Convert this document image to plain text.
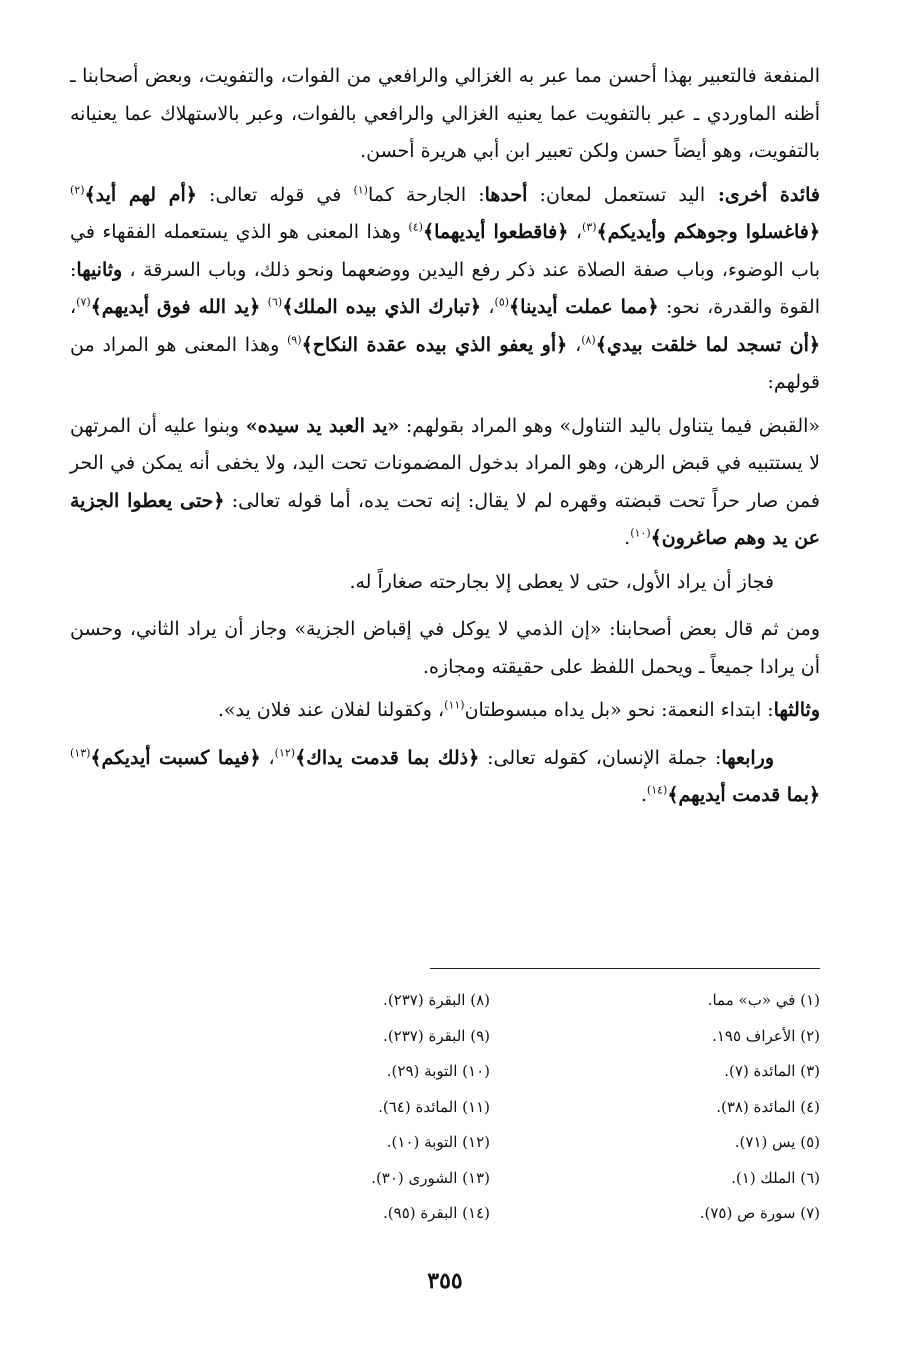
المنفعة فالتعبير بهذا أحسن مما عبر به الغزالي والرافعي من الفوات، والتفويت، وبعض أصحابنا ـ أظنه الماوردي ـ عبر بالتفويت عما يعنيه الغزالي والرافعي بالفوات، وعبر بالاستهلاك عما يعنيانه بالتفويت، وهو أيضاً حسن ولكن تعبير ابن أبي هريرة أحسن.

فائدة أخرى: اليد تستعمل لمعان: أحدها: الجارحة كما$^{(١)}$ في قوله تعالى: ﴿أم لهم أيد﴾$^{(٢)}$ ﴿فاغسلوا وجوهكم وأيديكم﴾$^{(٣)}$، ﴿فاقطعوا أيديهما﴾$^{(٤)}$ وهذا المعنى هو الذي يستعمله الفقهاء في باب الوضوء، وباب صفة الصلاة عند ذكر رفع اليدين ووضعهما ونحو ذلك، وباب السرقة ، وثانيها: القوة والقدرة، نحو: ﴿مما عملت أيدينا﴾$^{(٥)}$، ﴿تبارك الذي بيده الملك﴾$^{(٦)}$ ﴿يد الله فوق أيديهم﴾$^{(٧)}$، ﴿أن تسجد لما خلقت بيدي﴾$^{(٨)}$، ﴿أو يعفو الذي بيده عقدة النكاح﴾$^{(٩)}$ وهذا المعنى هو المراد من قولهم:

«القبض فيما يتناول باليد التناول» وهو المراد بقولهم: «يد العبد يد سيده» وبنوا عليه أن المرتهن لا يستتبيه في قبض الرهن، وهو المراد بدخول المضمونات تحت اليد، ولا يخفى أنه يمكن في الحر فمن صار حراً تحت قبضته وقهره لم لا يقال: إنه تحت يده، أما قوله تعالى: ﴿حتى يعطوا الجزية عن يد وهم صاغرون﴾$^{(١٠)}$.

فجاز أن يراد الأول، حتى لا يعطى إلا بجارحته صغاراً له.

ومن ثم قال بعض أصحابنا: «إن الذمي لا يوكل في إقباض الجزية» وجاز أن يراد الثاني، وحسن أن يرادا جميعاً ـ ويحمل اللفظ على حقيقته ومجازه.

وثالثها: ابتداء النعمة: نحو «بل يداه مبسوطتان$^{(١١)}$، وكقولنا لفلان عند فلان يد».

ورابعها: جملة الإنسان، كقوله تعالى: ﴿ذلك بما قدمت يداك﴾$^{(١٢)}$، ﴿فيما كسبت أيديكم﴾$^{(١٣)}$ ﴿بما قدمت أيديهم﴾$^{(١٤)}$.

(١) في «ب» مما.
(٢) الأعراف ١٩٥.
(٣) المائدة (٧).
(٤) المائدة (٣٨).
(٥) يس (٧١).
(٦) الملك (١).
(٧) سورة ص (٧٥).
(٨) البقرة (٢٣٧).
(٩) البقرة (٢٣٧).
(١٠) التوبة (٢٩).
(١١) المائدة (٦٤).
(١٢) التوبة (١٠).
(١٣) الشورى (٣٠).
(١٤) البقرة (٩٥).
٣٥٥
